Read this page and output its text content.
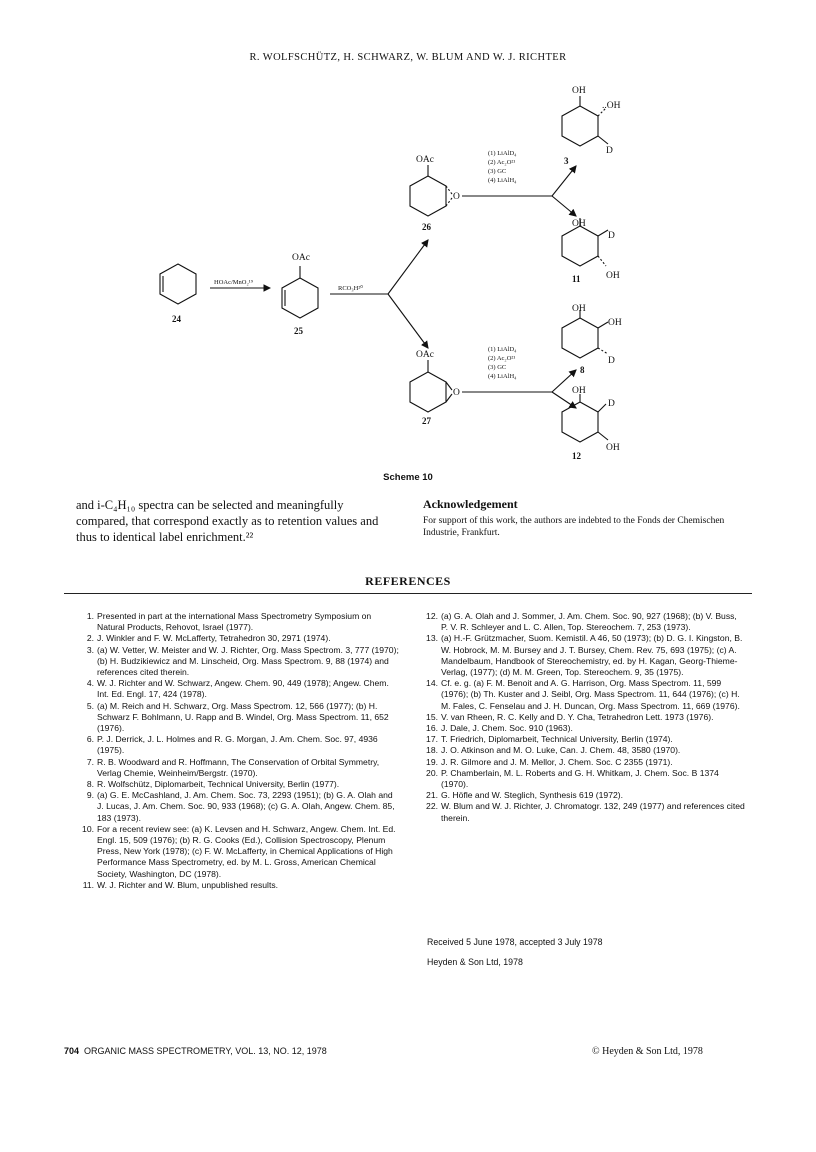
R. WOLFSCHÜTZ, H. SCHWARZ, W. BLUM AND W. J. RICHTER
OAc
OAc
O
OAc
O
OH
..OH
D
OH
D
OH
OH
OH
D
OH
D
OH
HOAc/MnO₂¹⁹
RCO₃H²⁰
(1) LiAlD₄
(2) Ac₂O²¹
(3) GC
(4) LiAlH₄
(1) LiAlD₄
(2) Ac₂O²¹
(3) GC
(4) LiAlH₄
24
25
26
27
3
11
8
12
Scheme 10
and i-C₄H₁₀ spectra can be selected and meaningfully compared, that correspond exactly as to retention values and thus to identical label enrichment.²²
Acknowledgement
For support of this work, the authors are indebted to the Fonds der Chemischen Industrie, Frankfurt.
REFERENCES
1. Presented in part at the international Mass Spectrometry Symposium on Natural Products, Rehovot, Israel (1977).
2. J. Winkler and F. W. McLafferty, Tetrahedron 30, 2971 (1974).
3. (a) W. Vetter, W. Meister and W. J. Richter, Org. Mass Spectrom. 3, 777 (1970); (b) H. Budzikiewicz and M. Linscheid, Org. Mass Spectrom. 9, 88 (1974) and references cited therein.
4. W. J. Richter and W. Schwarz, Angew. Chem. 90, 449 (1978); Angew. Chem. Int. Ed. Engl. 17, 424 (1978).
5. (a) M. Reich and H. Schwarz, Org. Mass Spectrom. 12, 566 (1977); (b) H. Schwarz F. Bohlmann, U. Rapp and B. Windel, Org. Mass Spectrom. 11, 652 (1976).
6. P. J. Derrick, J. L. Holmes and R. G. Morgan, J. Am. Chem. Soc. 97, 4936 (1975).
7. R. B. Woodward and R. Hoffmann, The Conservation of Orbital Symmetry, Verlag Chemie, Weinheim/Bergstr. (1970).
8. R. Wolfschütz, Diplomarbeit, Technical University, Berlin (1977).
9. (a) G. E. McCashland, J. Am. Chem. Soc. 73, 2293 (1951); (b) G. A. Olah and J. Lucas, J. Am. Chem. Soc. 90, 933 (1968); (c) G. A. Olah, Angew. Chem. 85, 183 (1973).
10. For a recent review see: (a) K. Levsen and H. Schwarz, Angew. Chem. Int. Ed. Engl. 15, 509 (1976); (b) R. G. Cooks (Ed.), Collision Spectroscopy, Plenum Press, New York (1978); (c) F. W. McLafferty, in Chemical Applications of High Performance Mass Spectrometry, ed. by M. L. Gross, American Chemical Society, Washington, DC (1978).
11. W. J. Richter and W. Blum, unpublished results.
12. (a) G. A. Olah and J. Sommer, J. Am. Chem. Soc. 90, 927 (1968); (b) V. Buss, P. V. R. Schleyer and L. C. Allen, Top. Stereochem. 7, 253 (1973).
13. (a) H.-F. Grützmacher, Suom. Kemistil. A 46, 50 (1973); (b) D. G. I. Kingston, B. W. Hobrock, M. M. Bursey and J. T. Bursey, Chem. Rev. 75, 693 (1975); (c) A. Mandelbaum, Handbook of Stereochemistry, ed. by H. Kagan, Georg-Thieme-Verlag, (1977); (d) M. M. Green, Top. Stereochem. 9, 35 (1975).
14. Cf. e. g. (a) F. M. Benoit and A. G. Harrison, Org. Mass Spectrom. 11, 599 (1976); (b) Th. Kuster and J. Seibl, Org. Mass Spectrom. 11, 644 (1976); (c) H. M. Fales, C. Fenselau and J. H. Duncan, Org. Mass Spectrom. 11, 669 (1976).
15. V. van Rheen, R. C. Kelly and D. Y. Cha, Tetrahedron Lett. 1973 (1976).
16. J. Dale, J. Chem. Soc. 910 (1963).
17. T. Friedrich, Diplomarbeit, Technical University, Berlin (1974).
18. J. O. Atkinson and M. O. Luke, Can. J. Chem. 48, 3580 (1970).
19. J. R. Gilmore and J. M. Mellor, J. Chem. Soc. C 2355 (1971).
20. P. Chamberlain, M. L. Roberts and G. H. Whitkam, J. Chem. Soc. B 1374 (1970).
21. G. Höfle and W. Steglich, Synthesis 619 (1972).
22. W. Blum and W. J. Richter, J. Chromatogr. 132, 249 (1977) and references cited therein.
Received 5 June 1978, accepted 3 July 1978
Heyden & Son Ltd, 1978
704 ORGANIC MASS SPECTROMETRY, VOL. 13, NO. 12, 1978	© Heyden & Son Ltd, 1978
